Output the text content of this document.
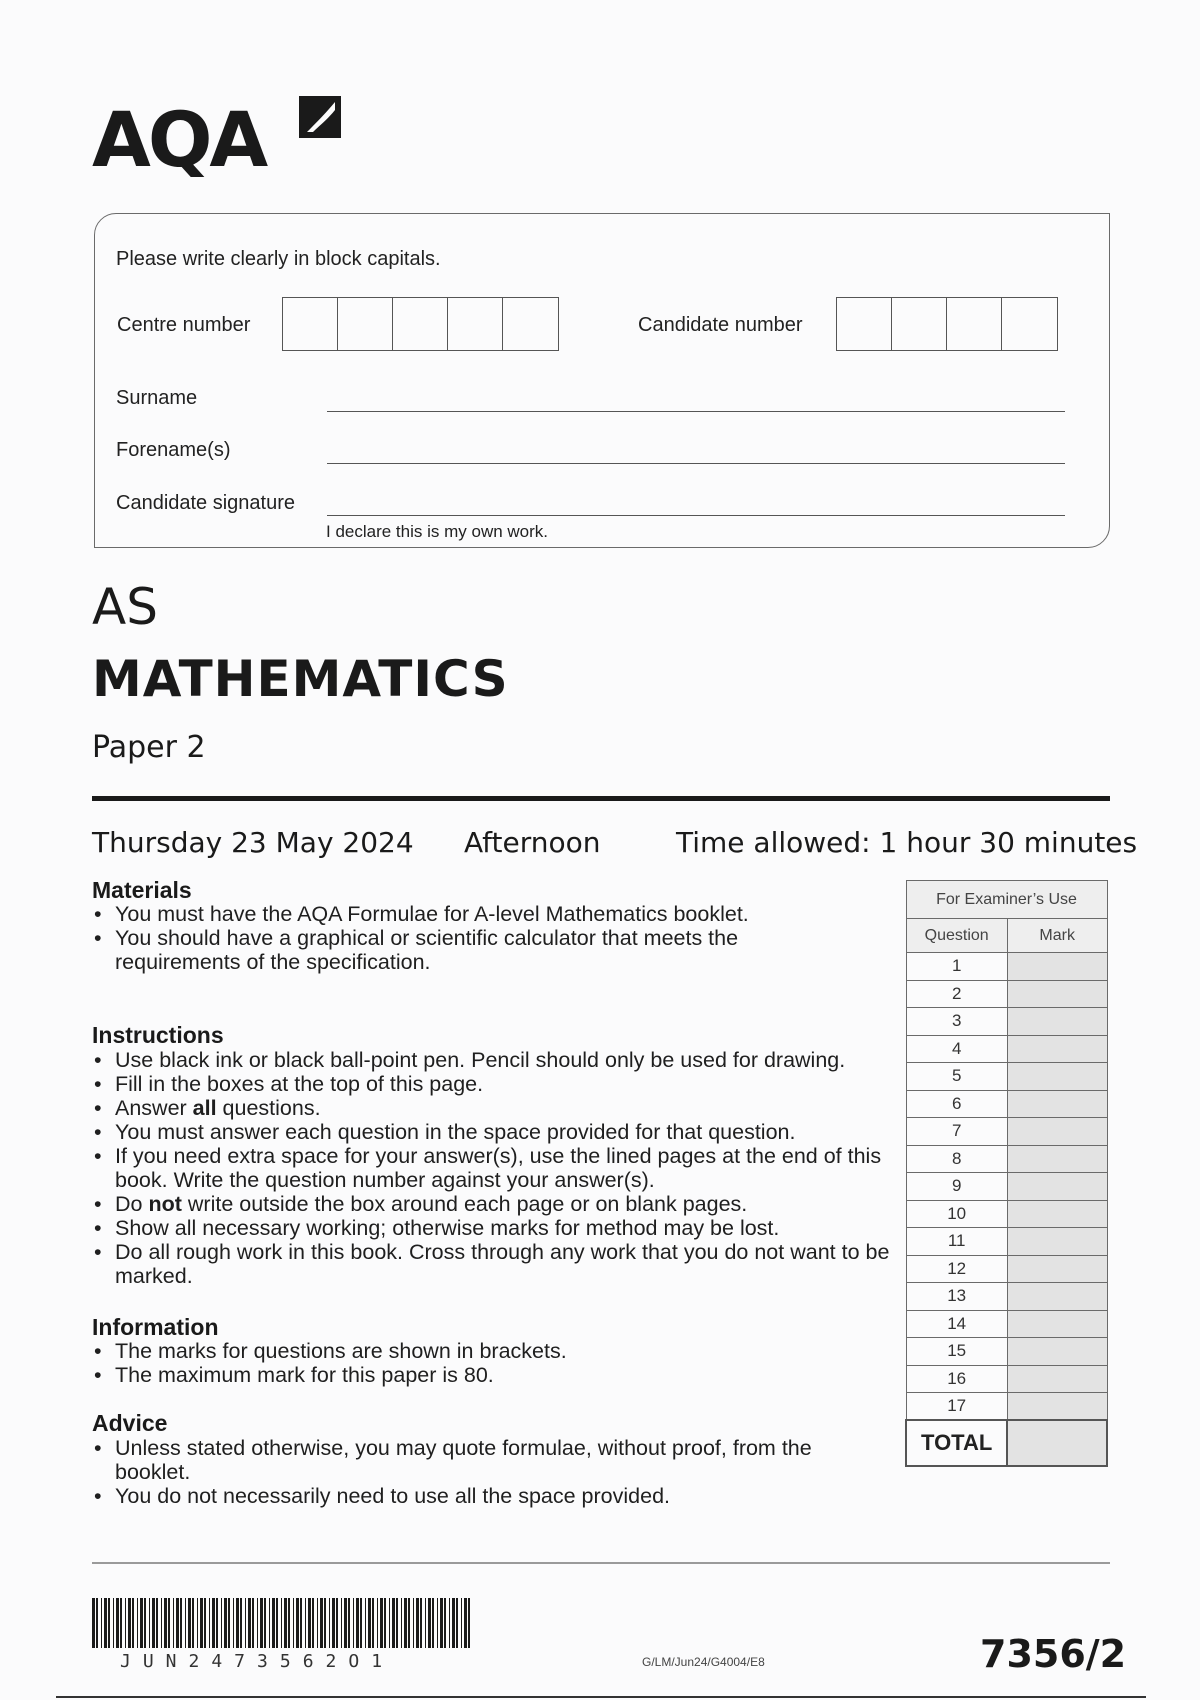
AQA
Please write clearly in block capitals.
Centre number	Candidate number
Surname
Forename(s)
Candidate signature
I declare this is my own work.
AS
MATHEMATICS
Paper 2
Thursday 23 May 2024 Afternoon	Time allowed: 1 hour 30 minutes
Materials
• You must have the AQA Formulae for A-level Mathematics booklet.
• You should have a graphical or scientific calculator that meets the requirements of the specification.
Instructions
• Use black ink or black ball-point pen. Pencil should only be used for drawing.
• Fill in the boxes at the top of this page.
• Answer all questions.
• You must answer each question in the space provided for that question.
• If you need extra space for your answer(s), use the lined pages at the end of this book. Write the question number against your answer(s).
• Do not write outside the box around each page or on blank pages.
• Show all necessary working; otherwise marks for method may be lost.
• Do all rough work in this book. Cross through any work that you do not want to be marked.
Information
• The marks for questions are shown in brackets.
• The maximum mark for this paper is 80.
Advice
• Unless stated otherwise, you may quote formulae, without proof, from the booklet.
• You do not necessarily need to use all the space provided.
For Examiner’s Use	
Question	Mark
1	
2	
3	
4	
5	
6	
7	
8	
9	
10	
11	
12	
13	
14	
15	
16	
17	
TOTAL	
JUN2473562O1	G/LM/Jun24/G4004/E8	7356/2
